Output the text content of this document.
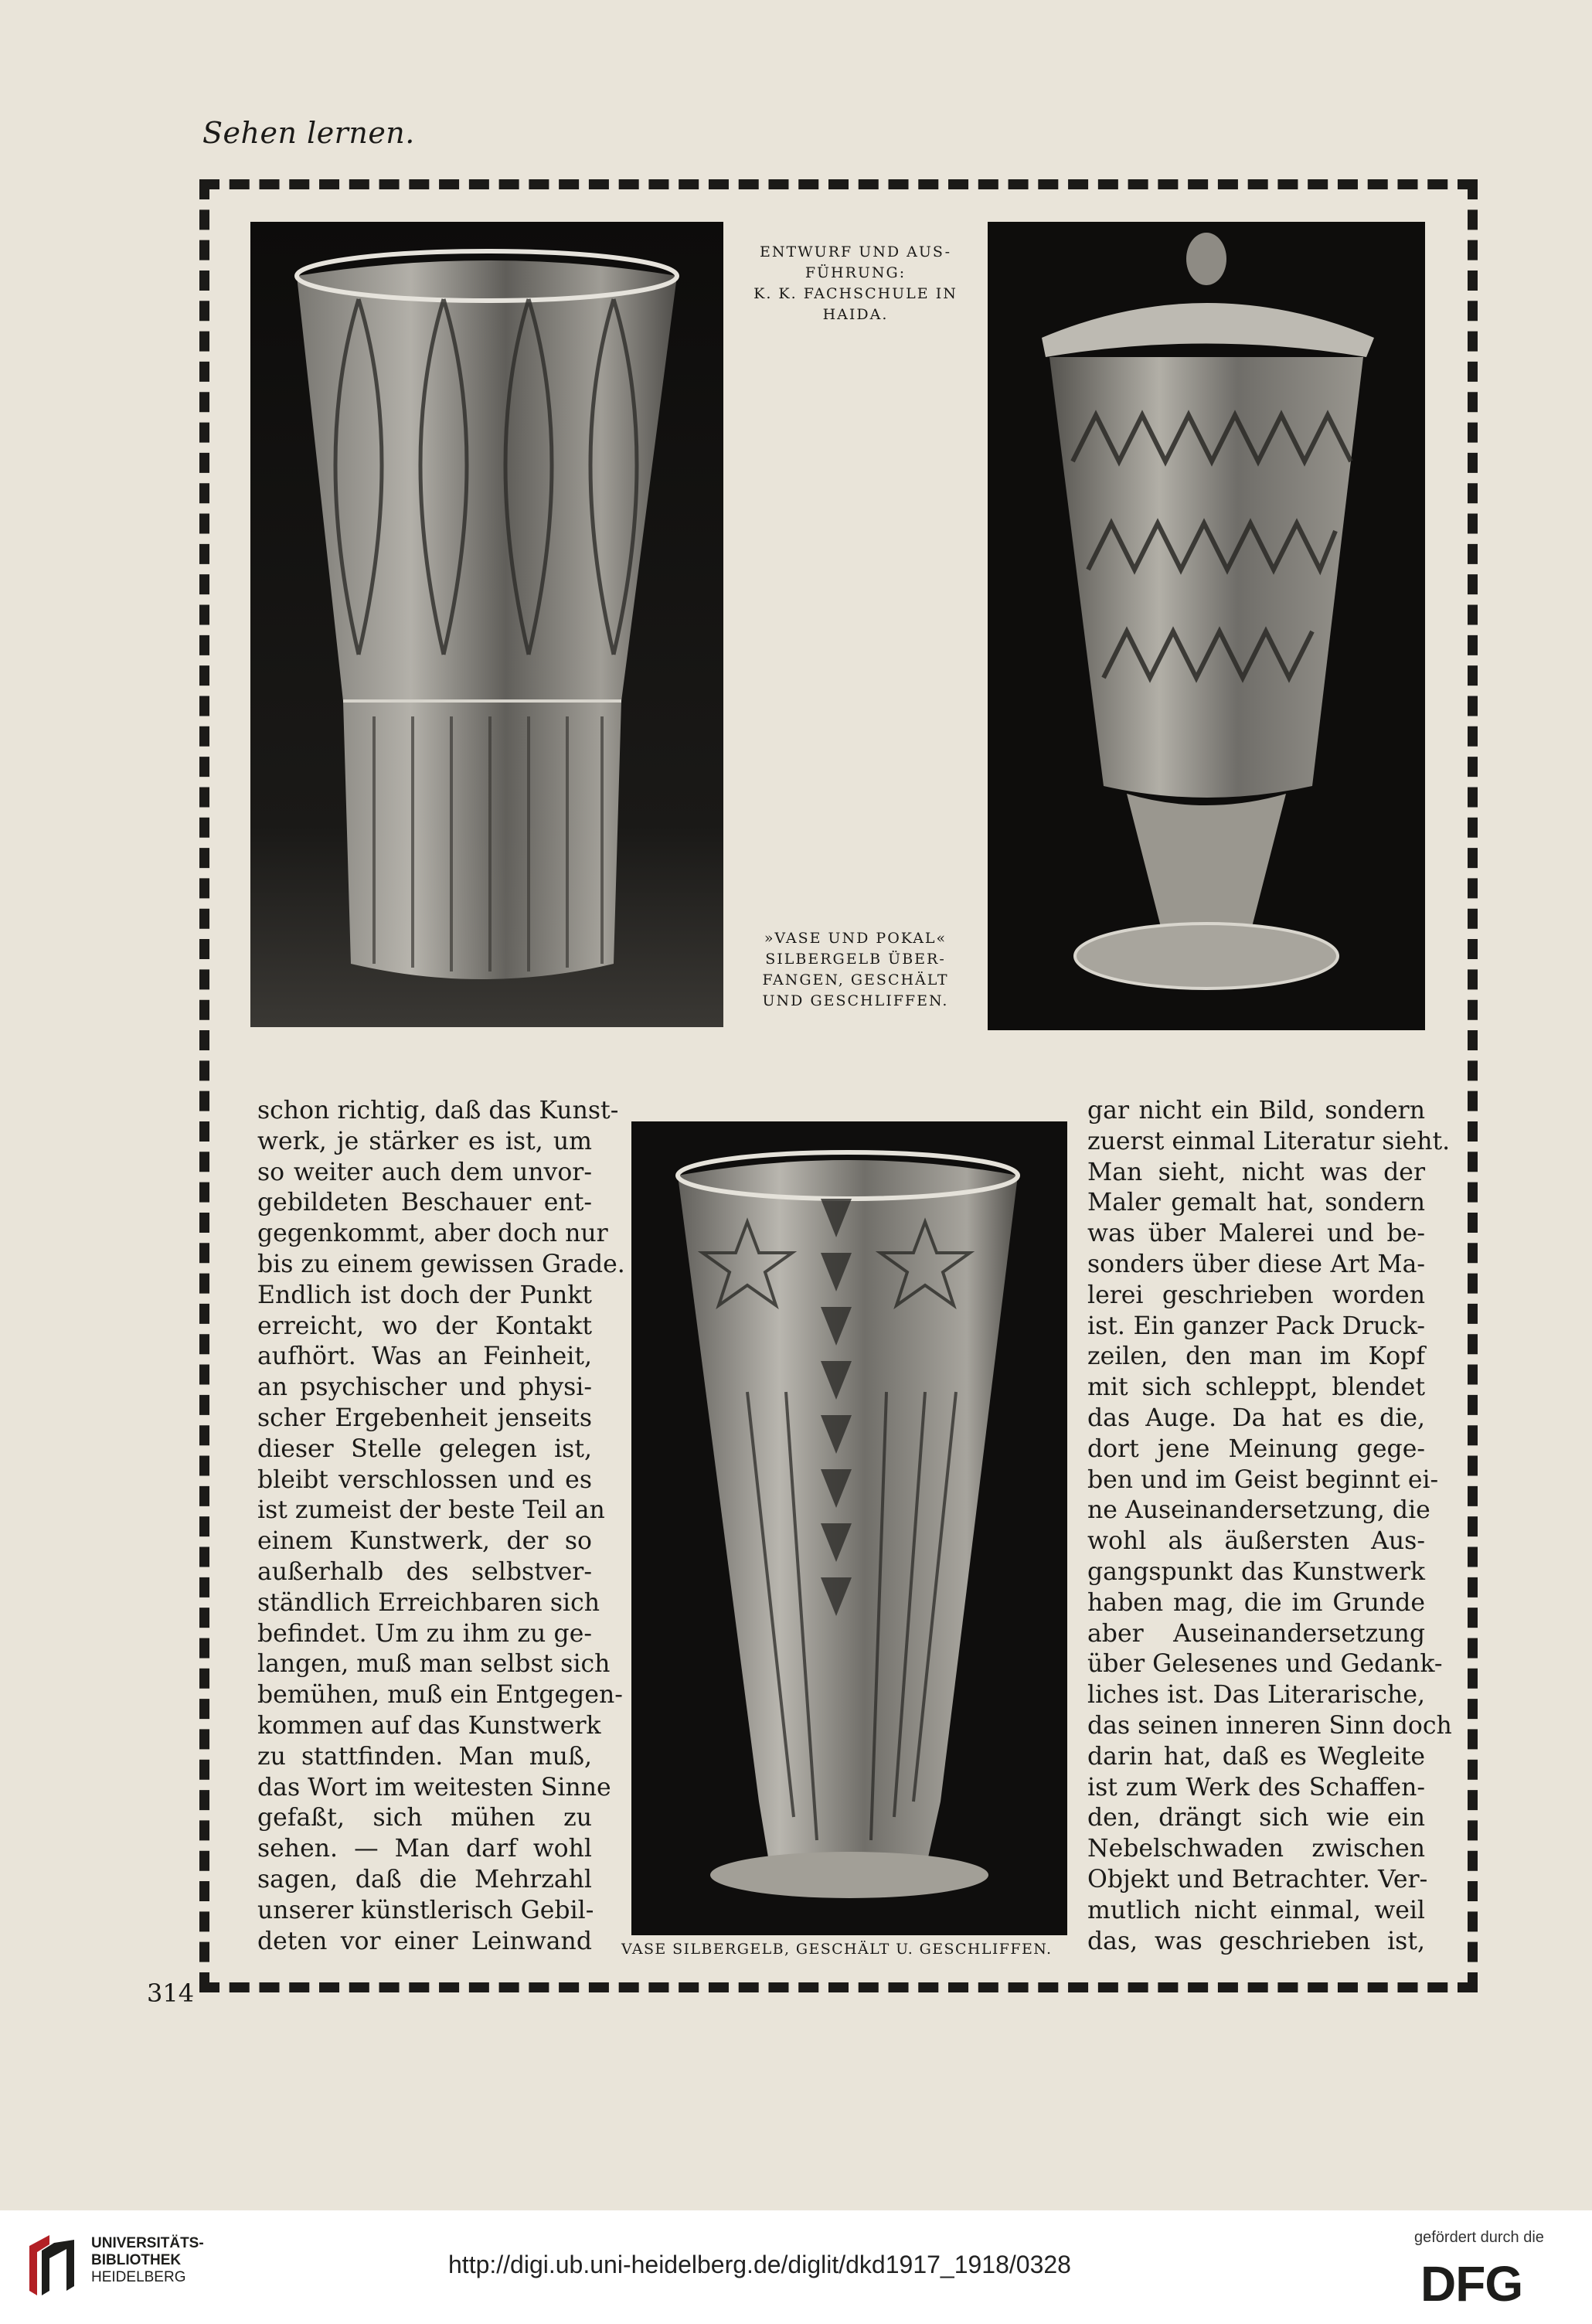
Sehen lernen.
ENTWURF UND AUS-
FÜHRUNG:
K. K. FACHSCHULE IN
HAIDA.
»VASE UND POKAL«
SILBERGELB ÜBER-
FANGEN, GESCHÄLT
UND GESCHLIFFEN.
VASE SILBERGELB, GESCHÄLT U. GESCHLIFFEN.
schon richtig, daß das Kunst-
werk, je stärker es ist, um
so weiter auch dem unvor-
gebildeten Beschauer ent-
gegenkommt, aber doch nur
bis zu einem gewissen Grade.
Endlich ist doch der Punkt
erreicht, wo der Kontakt
aufhört. Was an Feinheit,
an psychischer und physi-
scher Ergebenheit jenseits
dieser Stelle gelegen ist,
bleibt verschlossen und es
ist zumeist der beste Teil an
einem Kunstwerk, der so
außerhalb des selbstver-
ständlich Erreichbaren sich
befindet. Um zu ihm zu ge-
langen, muß man selbst sich
bemühen, muß ein Entgegen-
kommen auf das Kunstwerk
zu stattfinden. Man muß,
das Wort im weitesten Sinne
gefaßt, sich mühen zu
sehen. — Man darf wohl
sagen, daß die Mehrzahl
unserer künstlerisch Gebil-
deten vor einer Leinwand
gar nicht ein Bild, sondern
zuerst einmal Literatur sieht.
Man sieht, nicht was der
Maler gemalt hat, sondern
was über Malerei und be-
sonders über diese Art Ma-
lerei geschrieben worden
ist. Ein ganzer Pack Druck-
zeilen, den man im Kopf
mit sich schleppt, blendet
das Auge. Da hat es die,
dort jene Meinung gege-
ben und im Geist beginnt ei-
ne Auseinandersetzung, die
wohl als äußersten Aus-
gangspunkt das Kunstwerk
haben mag, die im Grunde
aber Auseinandersetzung
über Gelesenes und Gedank-
liches ist. Das Literarische,
das seinen inneren Sinn doch
darin hat, daß es Wegleite
ist zum Werk des Schaffen-
den, drängt sich wie ein
Nebelschwaden zwischen
Objekt und Betrachter. Ver-
mutlich nicht einmal, weil
das, was geschrieben ist,
314
UNIVERSITÄTS-
BIBLIOTHEK
HEIDELBERG	http://digi.ub.uni-heidelberg.de/diglit/dkd1917_1918/0328
gefördert durch die
DFG
